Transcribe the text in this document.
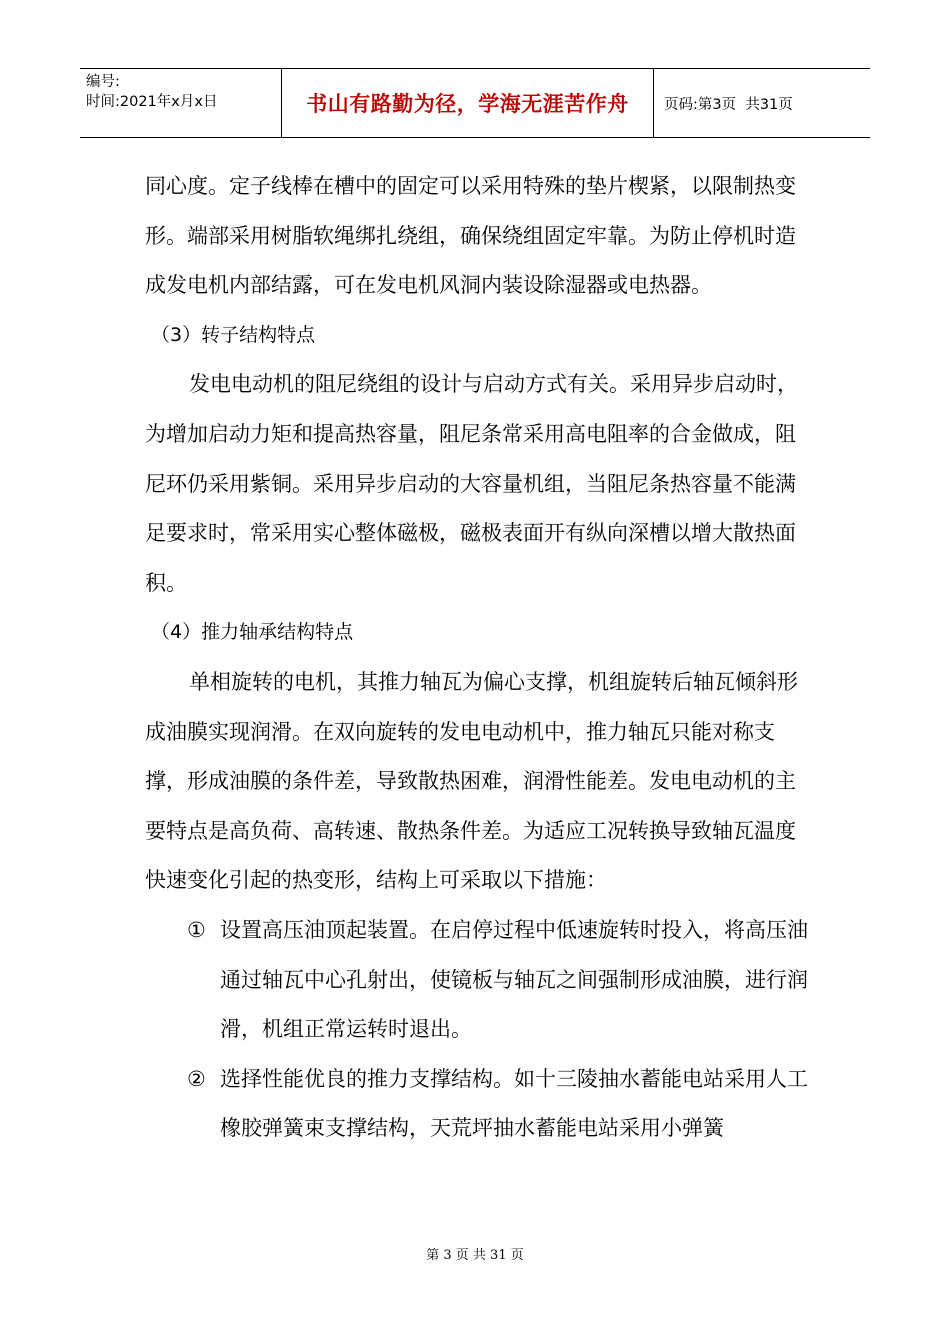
编号:
时间:2021年x月x日	书山有路勤为径，学海无涯苦作舟	页码:第3页  共31页

同心度。定子线棒在槽中的固定可以采用特殊的垫片楔紧，以限制热变形。端部采用树脂软绳绑扎绕组，确保绕组固定牢靠。为防止停机时造成发电机内部结露，可在发电机风洞内装设除湿器或电热器。

（3）转子结构特点

发电电动机的阻尼绕组的设计与启动方式有关。采用异步启动时，为增加启动力矩和提高热容量，阻尼条常采用高电阻率的合金做成，阻尼环仍采用紫铜。采用异步启动的大容量机组，当阻尼条热容量不能满足要求时，常采用实心整体磁极，磁极表面开有纵向深槽以增大散热面积。

（4）推力轴承结构特点

单相旋转的电机，其推力轴瓦为偏心支撑，机组旋转后轴瓦倾斜形成油膜实现润滑。在双向旋转的发电电动机中，推力轴瓦只能对称支撑，形成油膜的条件差，导致散热困难，润滑性能差。发电电动机的主要特点是高负荷、高转速、散热条件差。为适应工况转换导致轴瓦温度快速变化引起的热变形，结构上可采取以下措施：

① 设置高压油顶起装置。在启停过程中低速旋转时投入，将高压油通过轴瓦中心孔射出，使镜板与轴瓦之间强制形成油膜，进行润滑，机组正常运转时退出。
② 选择性能优良的推力支撑结构。如十三陵抽水蓄能电站采用人工橡胶弹簧束支撑结构，天荒坪抽水蓄能电站采用小弹簧
第 3 页 共 31 页
